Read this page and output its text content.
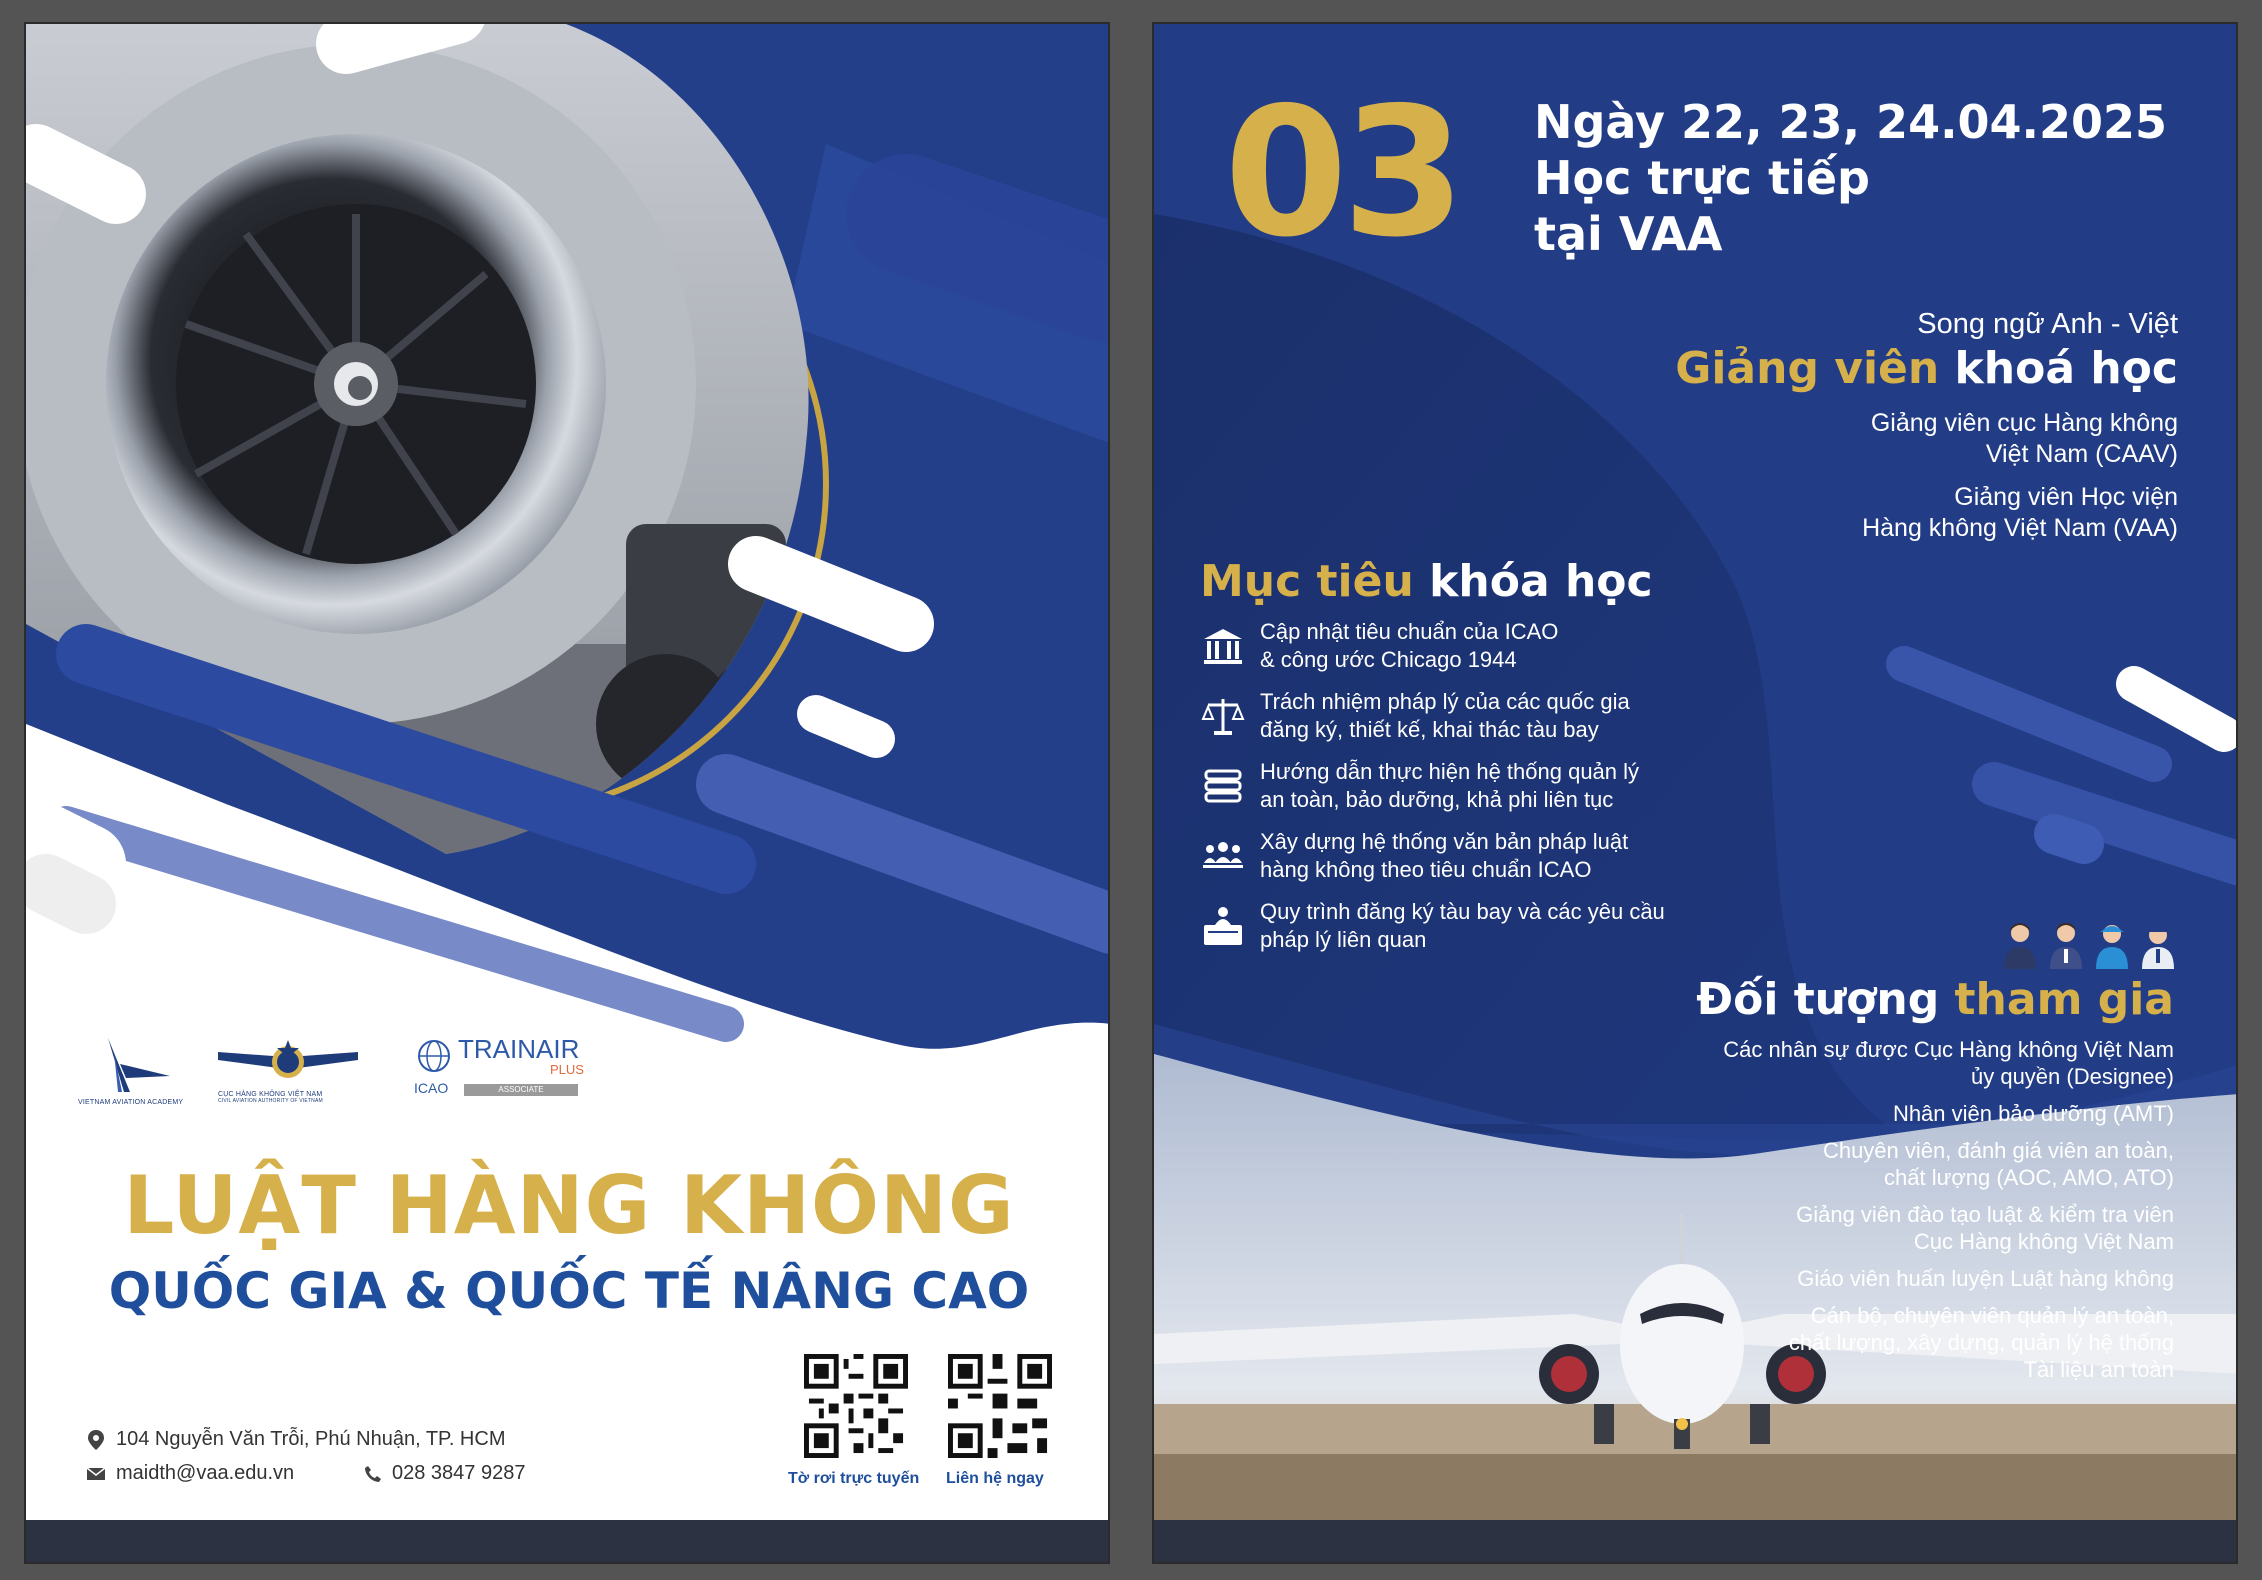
VIETNAM AVIATION ACADEMY
CỤC HÀNG KHÔNG VIỆT NAM
CIVIL AVIATION AUTHORITY OF VIETNAM
TRAINAIR
PLUS
ICAO	ASSOCIATE
LUẬT HÀNG KHÔNG
QUỐC GIA & QUỐC TẾ NÂNG CAO
104 Nguyễn Văn Trỗi, Phú Nhuận, TP. HCM
maidth@vaa.edu.vn	028 3847 9287	Tờ rơi trực tuyến Liên hệ ngay
03 Ngày 22, 23, 24.04.2025
Học trực tiếp
tại VAA
Song ngữ Anh - Việt
Giảng viên khoá học
Giảng viên cục Hàng không
Việt Nam (CAAV)
Giảng viên Học viện
Hàng không Việt Nam (VAA)
Mục tiêu khóa học
Cập nhật tiêu chuẩn của ICAO
& công ước Chicago 1944
Trách nhiệm pháp lý của các quốc gia
đăng ký, thiết kế, khai thác tàu bay
Hướng dẫn thực hiện hệ thống quản lý
an toàn, bảo dưỡng, khả phi liên tục
Xây dựng hệ thống văn bản pháp luật
hàng không theo tiêu chuẩn ICAO
Quy trình đăng ký tàu bay và các yêu cầu
pháp lý liên quan
Đối tượng tham gia
Các nhân sự được Cục Hàng không Việt Nam
ủy quyền (Designee)
Nhân viên bảo dưỡng (AMT)
Chuyên viên, đánh giá viên an toàn,
chất lượng (AOC, AMO, ATO)
Giảng viên đào tạo luật & kiểm tra viên
Cục Hàng không Việt Nam
Giáo viên huấn luyện Luật hàng không
Cán bộ, chuyên viên quản lý an toàn,
chất lượng, xây dựng, quản lý hệ thống
Tài liệu an toàn
